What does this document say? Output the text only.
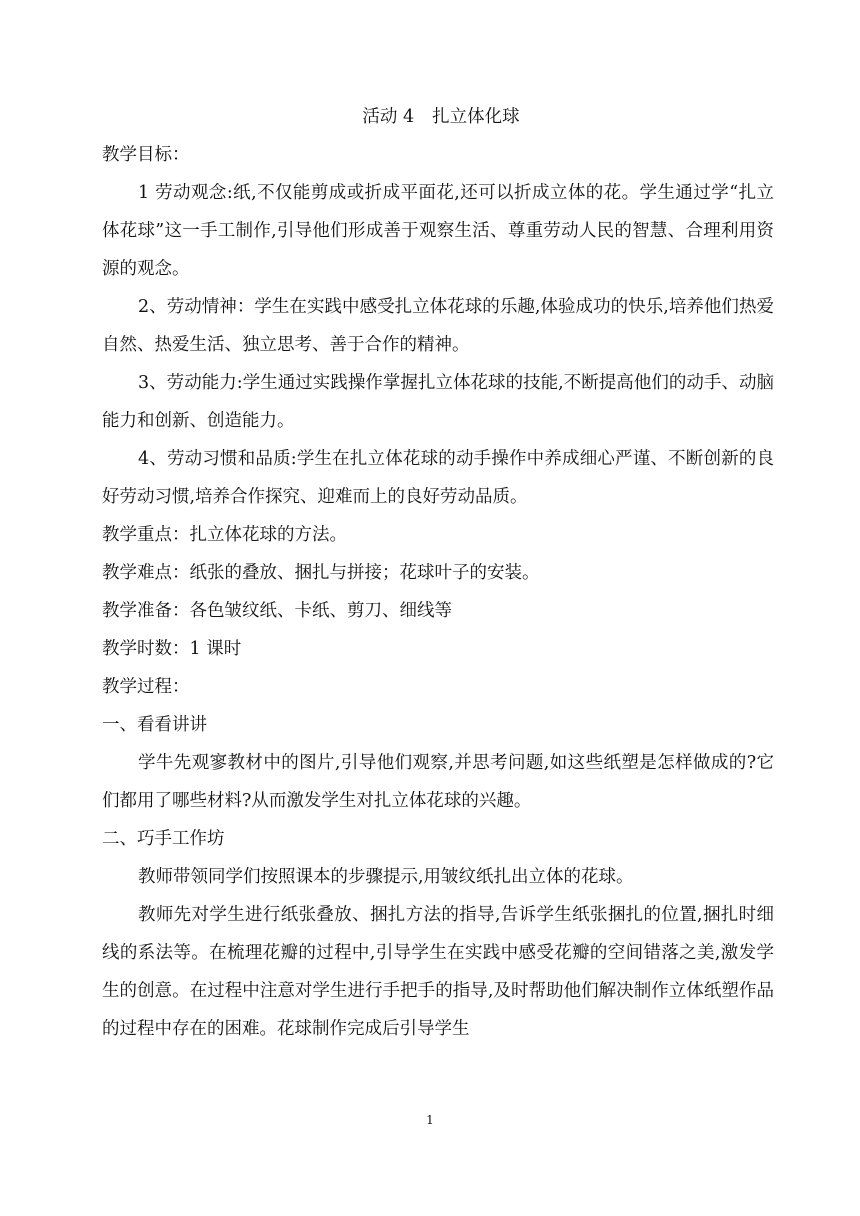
活动 4 扎立体化球

教学目标：

1 劳动观念:纸,不仅能剪成或折成平面花,还可以折成立体的花。学生通过学“扎立体花球”这一手工制作,引导他们形成善于观察生活、尊重劳动人民的智慧、合理利用资源的观念。

2、劳动情神：学生在实践中感受扎立体花球的乐趣,体验成功的快乐,培养他们热爱自然、热爱生活、独立思考、善于合作的精神。

3、劳动能力:学生通过实践操作掌握扎立体花球的技能,不断提高他们的动手、动脑能力和创新、创造能力。

4、劳动习惯和品质:学生在扎立体花球的动手操作中养成细心严谨、不断创新的良好劳动习惯,培养合作探究、迎难而上的良好劳动品质。

教学重点：扎立体花球的方法。

教学难点：纸张的叠放、捆扎与拼接；花球叶子的安装。

教学准备：各色皱纹纸、卡纸、剪刀、细线等

教学时数：1 课时

教学过程：

一、看看讲讲

学牛先观寥教材中的图片,引导他们观察,并思考问题,如这些纸塑是怎样做成的?它们都用了哪些材料?从而激发学生对扎立体花球的兴趣。

二、巧手工作坊

教师带领同学们按照课本的步骤提示,用皱纹纸扎出立体的花球。

教师先对学生进行纸张叠放、捆扎方法的指导,告诉学生纸张捆扎的位置,捆扎时细线的系法等。在梳理花瓣的过程中,引导学生在实践中感受花瓣的空间错落之美,激发学生的创意。在过程中注意对学生进行手把手的指导,及时帮助他们解决制作立体纸塑作品的过程中存在的困难。花球制作完成后引导学生

1
